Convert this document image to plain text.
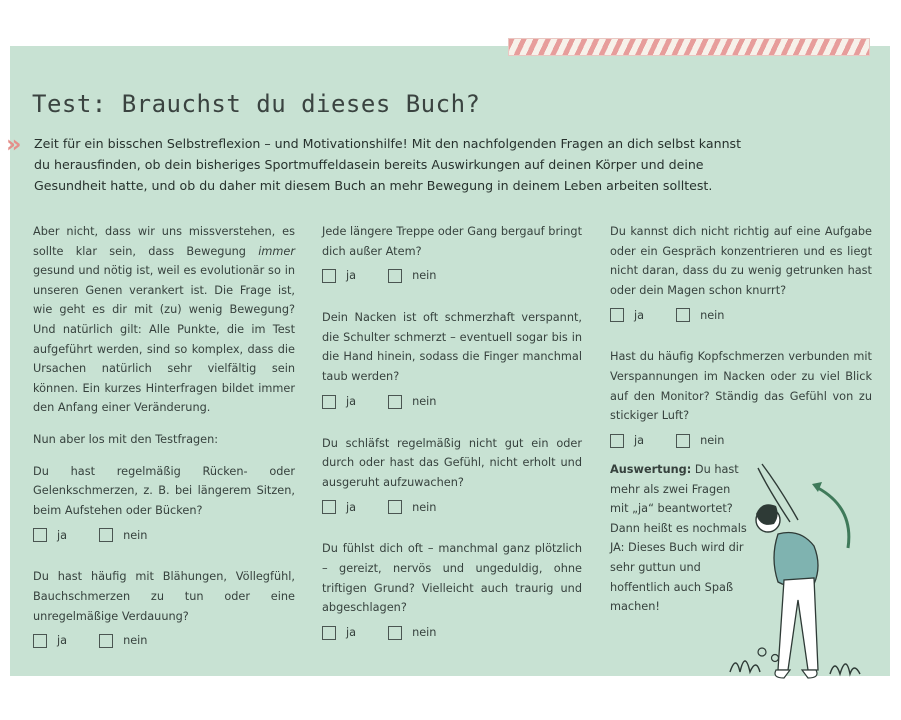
Test: Brauchst du dieses Buch?
» Zeit für ein bisschen Selbstreflexion – und Motivationshilfe! Mit den nachfolgenden Fragen an dich selbst kannst du herausfinden, ob dein bisheriges Sportmuffeldasein bereits Auswirkungen auf deinen Körper und deine Gesundheit hatte, und ob du daher mit diesem Buch an mehr Bewegung in deinem Leben arbeiten solltest.

Aber nicht, dass wir uns missverstehen, es sollte klar sein, dass Bewegung immer gesund und nötig ist, weil es evolutionär so in unseren Genen verankert ist. Die Frage ist, wie geht es dir mit (zu) wenig Bewegung? Und natürlich gilt: Alle Punkte, die im Test aufgeführt werden, sind so komplex, dass die Ursachen natürlich sehr vielfältig sein können. Ein kurzes Hinterfragen bildet immer den Anfang einer Veränderung.

Nun aber los mit den Testfragen:

Du hast regelmäßig Rücken- oder Gelenkschmerzen, z. B. bei längerem Sitzen, beim Aufstehen oder Bücken?

ja	nein

Du hast häufig mit Blähungen, Völlegfühl, Bauchschmerzen zu tun oder eine unregelmäßige Verdauung?

ja	nein

Jede längere Treppe oder Gang bergauf bringt dich außer Atem?

ja	nein

Dein Nacken ist oft schmerzhaft verspannt, die Schulter schmerzt – eventuell sogar bis in die Hand hinein, sodass die Finger manchmal taub werden?

ja	nein

Du schläfst regelmäßig nicht gut ein oder durch oder hast das Gefühl, nicht erholt und ausgeruht aufzuwachen?

ja	nein

Du fühlst dich oft – manchmal ganz plötzlich – gereizt, nervös und ungeduldig, ohne triftigen Grund? Vielleicht auch traurig und abgeschlagen?

ja	nein

Du kannst dich nicht richtig auf eine Aufgabe oder ein Gespräch konzentrieren und es liegt nicht daran, dass du zu wenig getrunken hast oder dein Magen schon knurrt?

ja	nein

Hast du häufig Kopfschmerzen verbunden mit Verspannungen im Nacken oder zu viel Blick auf den Monitor? Ständig das Gefühl von zu stickiger Luft?

ja	nein

Auswertung: Du hast mehr als zwei Fragen mit „ja“ beantwortet? Dann heißt es nochmals JA: Dieses Buch wird dir sehr guttun und hoffentlich auch Spaß machen!
